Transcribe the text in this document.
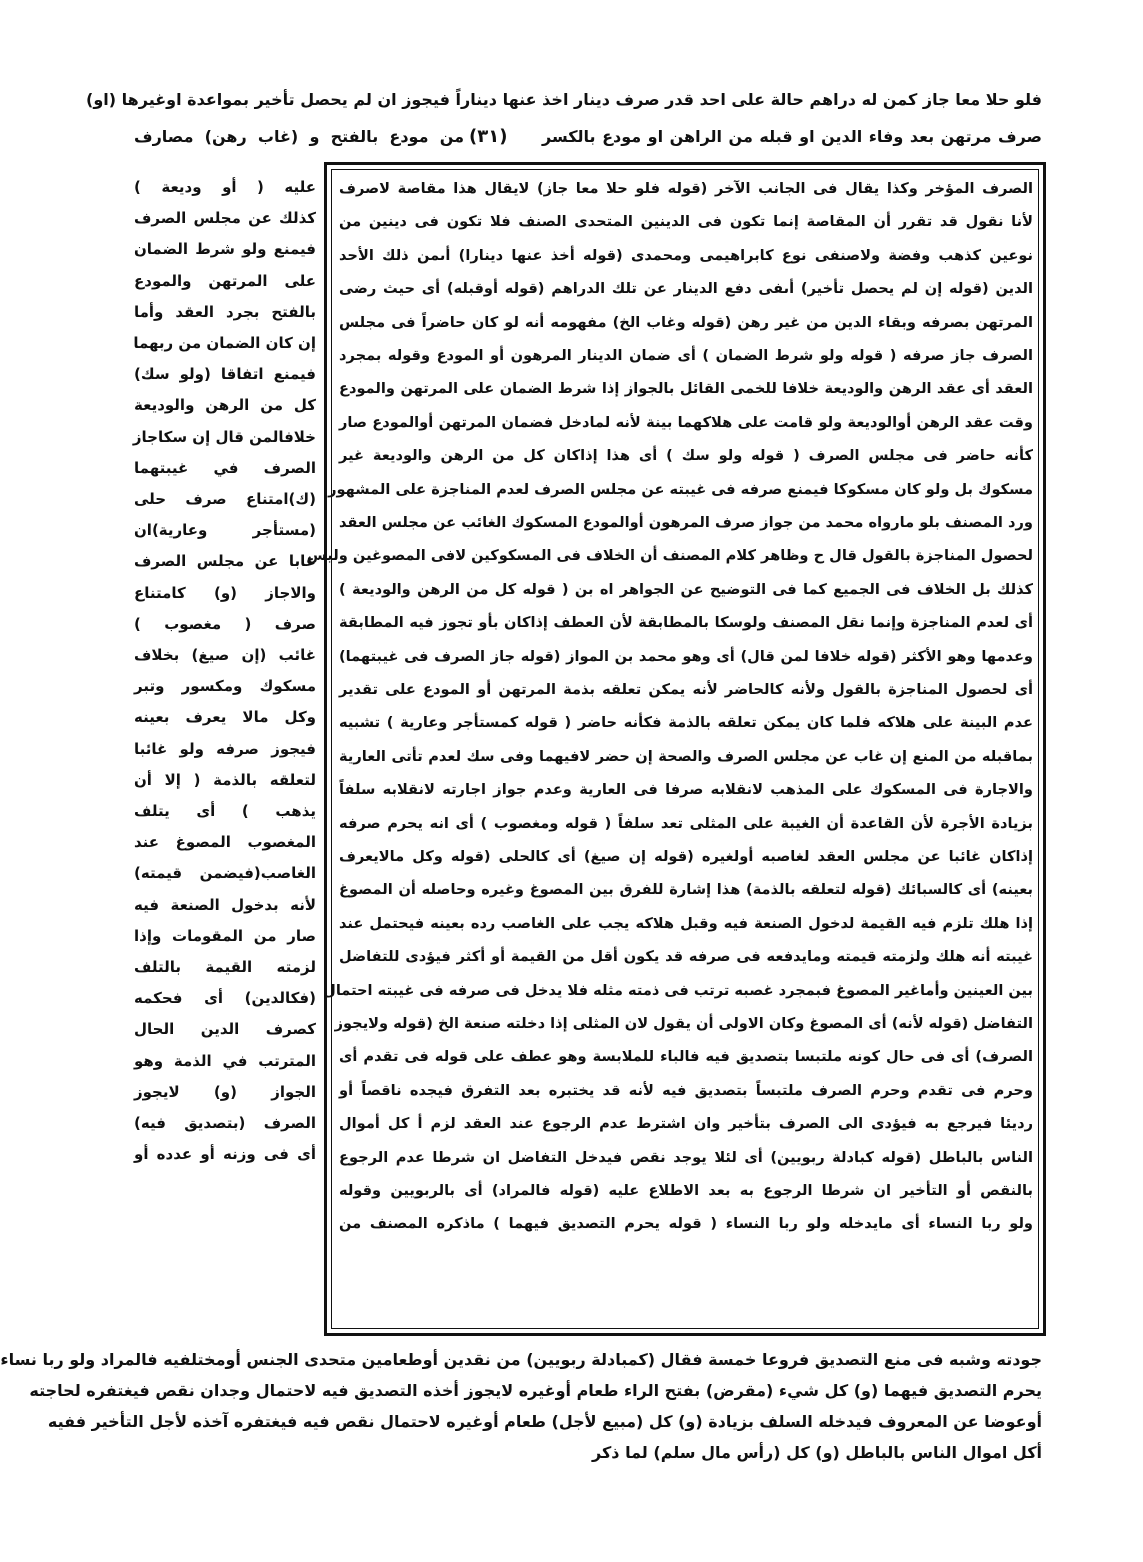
فلو حلا معا جاز كمن له دراهم حالة على احد قدر صرف دينار اخذ عنها ديناراً فيجوز ان لم يحصل تأخير بمواعدة اوغيرها (او)
صرف مرتهن بعد وفاء الدين او قبله من الراهن او مودع بالكسر
(٣١)
من مودع بالفتح و (غاب رهن) مصارف
عليه ( أو وديعة )
كذلك عن مجلس الصرف
فيمنع ولو شرط الضمان
على المرتهن والمودع
بالفتح بجرد العقد وأما
إن كان الضمان من ربهما
فيمنع اتفاقا (ولو سك)
كل من الرهن والوديعة
خلافالمن قال إن سكاجاز
الصرف في غيبتهما
(ك)امتناع صرف حلى
(مستأجر وعارية)ان
غابا عن مجلس الصرف
والاجاز (و) كامتناع
صرف ( مغصوب )
غائب (إن صيغ) بخلاف
مسكوك ومكسور وتبر
وكل مالا يعرف بعينه
فيجوز صرفه ولو غائبا
لتعلقه بالذمة ( إلا أن
يذهب ) أى يتلف
المغصوب المصوغ عند
الغاصب(فيضمن قيمته)
لأنه بدخول الصنعة فيه
صار من المقومات وإذا
لزمته القيمة بالتلف
(فكالدين) أى فحكمه
كصرف الدين الحال
المترتب في الذمة وهو
الجواز (و) لايجوز
الصرف (بتصديق فيه)
أى فى وزنه أو عدده أو
الصرف المؤخر وكذا يقال فى الجانب الآخر (قوله فلو حلا معا جاز) لايقال هذا مقاصة لاصرف
لأنا نقول قد تقرر أن المقاصة إنما تكون فى الدينين المتحدى الصنف فلا تكون فى دينين من
نوعين كذهب وفضة ولاصنفى نوع كابراهيمى ومحمدى (قوله أخذ عنها دينارا) أىمن ذلك الأحد
الدين (قوله إن لم يحصل تأخير) أىفى دفع الدينار عن تلك الدراهم (قوله أوقبله) أى حيث رضى
المرتهن بصرفه وبقاء الدين من غير رهن (قوله وغاب الخ) مفهومه أنه لو كان حاضراً فى مجلس
الصرف جاز صرفه ( قوله ولو شرط الضمان ) أى ضمان الدينار المرهون أو المودع وقوله بمجرد
العقد أى عقد الرهن والوديعة خلافا للخمى القائل بالجواز إذا شرط الضمان على المرتهن والمودع
وقت عقد الرهن أوالوديعة ولو قامت على هلاكهما بينة لأنه لمادخل فضمان المرتهن أوالمودع صار
كأنه حاضر فى مجلس الصرف ( قوله ولو سك ) أى هذا إذاكان كل من الرهن والوديعة غير
مسكوك بل ولو كان مسكوكا فيمنع صرفه فى غيبته عن مجلس الصرف لعدم المناجزة على المشهور
ورد المصنف بلو مارواه محمد من جواز صرف المرهون أوالمودع المسكوك الغائب عن مجلس العقد
لحصول المناجزة بالقول قال ح وظاهر كلام المصنف أن الخلاف فى المسكوكين لافى المصوغين وليس
كذلك بل الخلاف فى الجميع كما فى التوضيح عن الجواهر اه بن ( قوله كل من الرهن والوديعة )
أى لعدم المناجزة وإنما نقل المصنف ولوسكا بالمطابقة لأن العطف إذاكان بأو تجوز فيه المطابقة
وعدمها وهو الأكثر (قوله خلافا لمن قال) أى وهو محمد بن المواز (قوله جاز الصرف فى غيبتهما)
أى لحصول المناجزة بالقول ولأنه كالحاضر لأنه يمكن تعلقه بذمة المرتهن أو المودع على تقدير
عدم البينة على هلاكه فلما كان يمكن تعلقه بالذمة فكأنه حاضر ( قوله كمستأجر وعارية ) تشبيه
بماقبله من المنع إن غاب عن مجلس الصرف والصحة إن حضر لافيهما وفى سك لعدم تأتى العارية
والاجارة فى المسكوك على المذهب لانقلابه صرفا فى العارية وعدم جواز اجارته لانقلابه سلفاً
بزيادة الأجرة لأن القاعدة أن الغيبة على المثلى تعد سلفاً ( قوله ومغصوب ) أى انه يحرم صرفه
إذاكان غائبا عن مجلس العقد لغاصبه أولغيره (قوله إن صيغ) أى كالحلى (قوله وكل مالايعرف
بعينه) أى كالسبائك (قوله لتعلقه بالذمة) هذا إشارة للفرق بين المصوغ وغيره وحاصله أن المصوغ
إذا هلك تلزم فيه القيمة لدخول الصنعة فيه وقبل هلاكه يجب على الغاصب رده بعينه فيحتمل عند
غيبته أنه هلك ولزمته قيمته ومايدفعه فى صرفه قد يكون أقل من القيمة أو أكثر فيؤدى للتفاضل
بين العينين وأماغير المصوغ فبمجرد غصبه ترتب فى ذمته مثله فلا يدخل فى صرفه فى غيبته احتمال
التفاضل (قوله لأنه) أى المصوغ وكان الاولى أن يقول لان المثلى إذا دخلته صنعة الخ (قوله ولايجوز
الصرف) أى فى حال كونه ملتبسا بتصديق فيه فالباء للملابسة وهو عطف على قوله فى تقدم أى
وحرم فى تقدم وحرم الصرف ملتبساً بتصديق فيه لأنه قد يختبره بعد التفرق فيجده ناقصاً أو
رديئا فيرجع به فيؤدى الى الصرف بتأخير وان اشترط عدم الرجوع عند العقد لزم أ كل أموال
الناس بالباطل (قوله كبادلة ربويين) أى لئلا يوجد نقص فيدخل التفاضل ان شرطا عدم الرجوع
بالنقص أو التأخير ان شرطا الرجوع به بعد الاطلاع عليه (قوله فالمراد) أى بالربويين وقوله
ولو ربا النساء أى مايدخله ولو ربا النساء ( قوله يحرم التصديق فيهما ) ماذكره المصنف من
جودته وشبه فى منع التصديق فروعا خمسة فقال (كمبادلة ربويين) من نقدين أوطعامين متحدى الجنس أومختلفيه فالمراد ولو ربا نساء
يحرم التصديق فيهما (و) كل شيء (مقرض) بفتح الراء طعام أوغيره لايجوز أخذه التصديق فيه لاحتمال وجدان نقص فيغتفره لحاجته
أوعوضا عن المعروف فيدخله السلف بزيادة (و) كل (مبيع لأجل) طعام أوغيره لاحتمال نقص فيه فيغتفره آخذه لأجل التأخير ففيه
أكل اموال الناس بالباطل (و) كل (رأس مال سلم) لما ذكر
